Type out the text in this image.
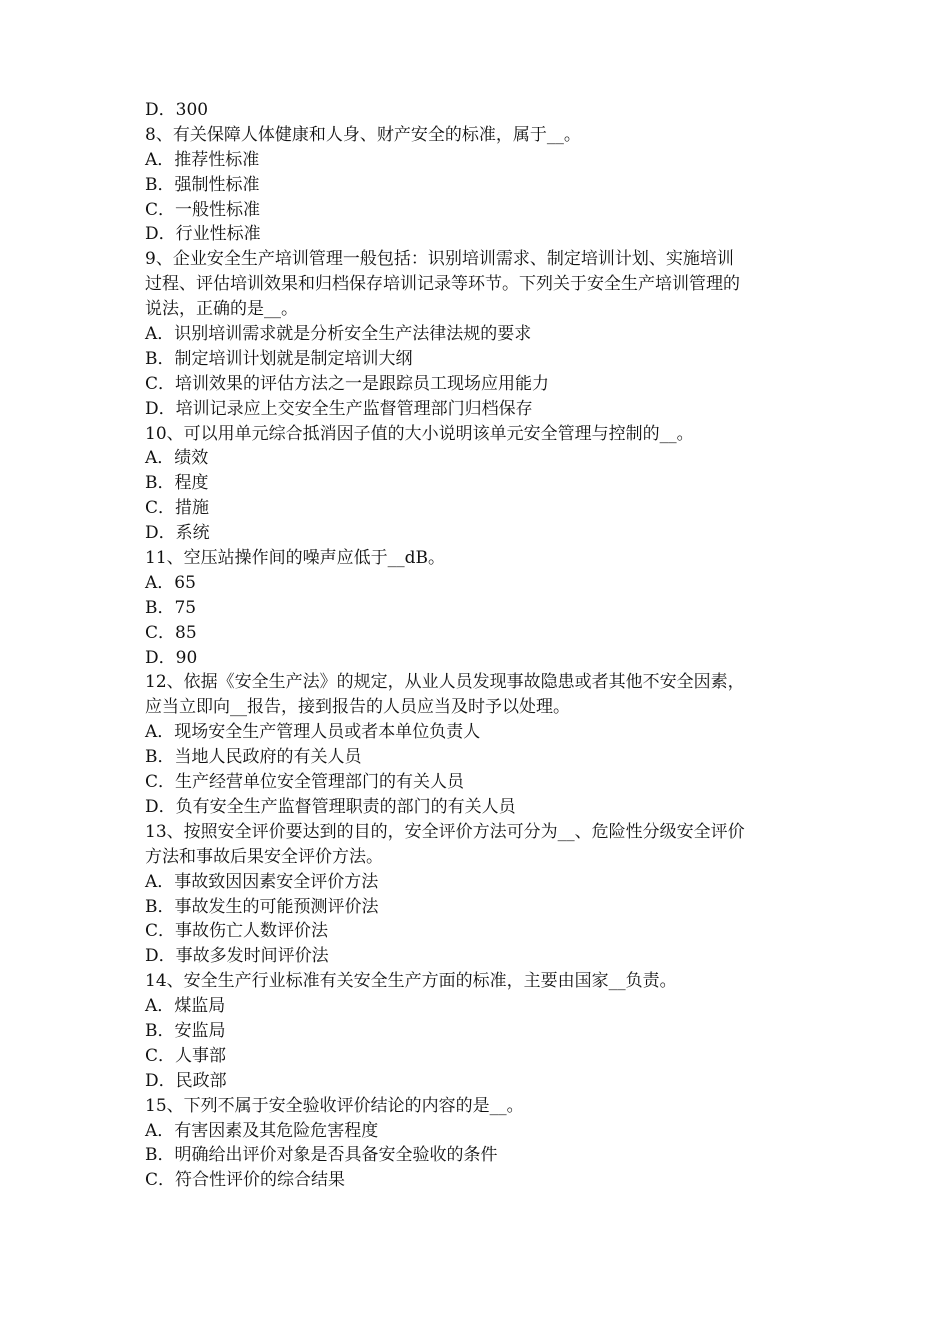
D．300
8、有关保障人体健康和人身、财产安全的标准，属于__。
A．推荐性标准
B．强制性标准
C．一般性标准
D．行业性标准
9、企业安全生产培训管理一般包括：识别培训需求、制定培训计划、实施培训
过程、评估培训效果和归档保存培训记录等环节。下列关于安全生产培训管理的
说法，正确的是__。
A．识别培训需求就是分析安全生产法律法规的要求
B．制定培训计划就是制定培训大纲
C．培训效果的评估方法之一是跟踪员工现场应用能力
D．培训记录应上交安全生产监督管理部门归档保存
10、可以用单元综合抵消因子值的大小说明该单元安全管理与控制的__。
A．绩效
B．程度
C．措施
D．系统
11、空压站操作间的噪声应低于__dB。
A．65
B．75
C．85
D．90
12、依据《安全生产法》的规定，从业人员发现事故隐患或者其他不安全因素，
应当立即向__报告，接到报告的人员应当及时予以处理。
A．现场安全生产管理人员或者本单位负责人
B．当地人民政府的有关人员
C．生产经营单位安全管理部门的有关人员
D．负有安全生产监督管理职责的部门的有关人员
13、按照安全评价要达到的目的，安全评价方法可分为__、危险性分级安全评价
方法和事故后果安全评价方法。
A．事故致因因素安全评价方法
B．事故发生的可能预测评价法
C．事故伤亡人数评价法
D．事故多发时间评价法
14、安全生产行业标准有关安全生产方面的标准，主要由国家__负责。
A．煤监局
B．安监局
C．人事部
D．民政部
15、下列不属于安全验收评价结论的内容的是__。
A．有害因素及其危险危害程度
B．明确给出评价对象是否具备安全验收的条件
C．符合性评价的综合结果
